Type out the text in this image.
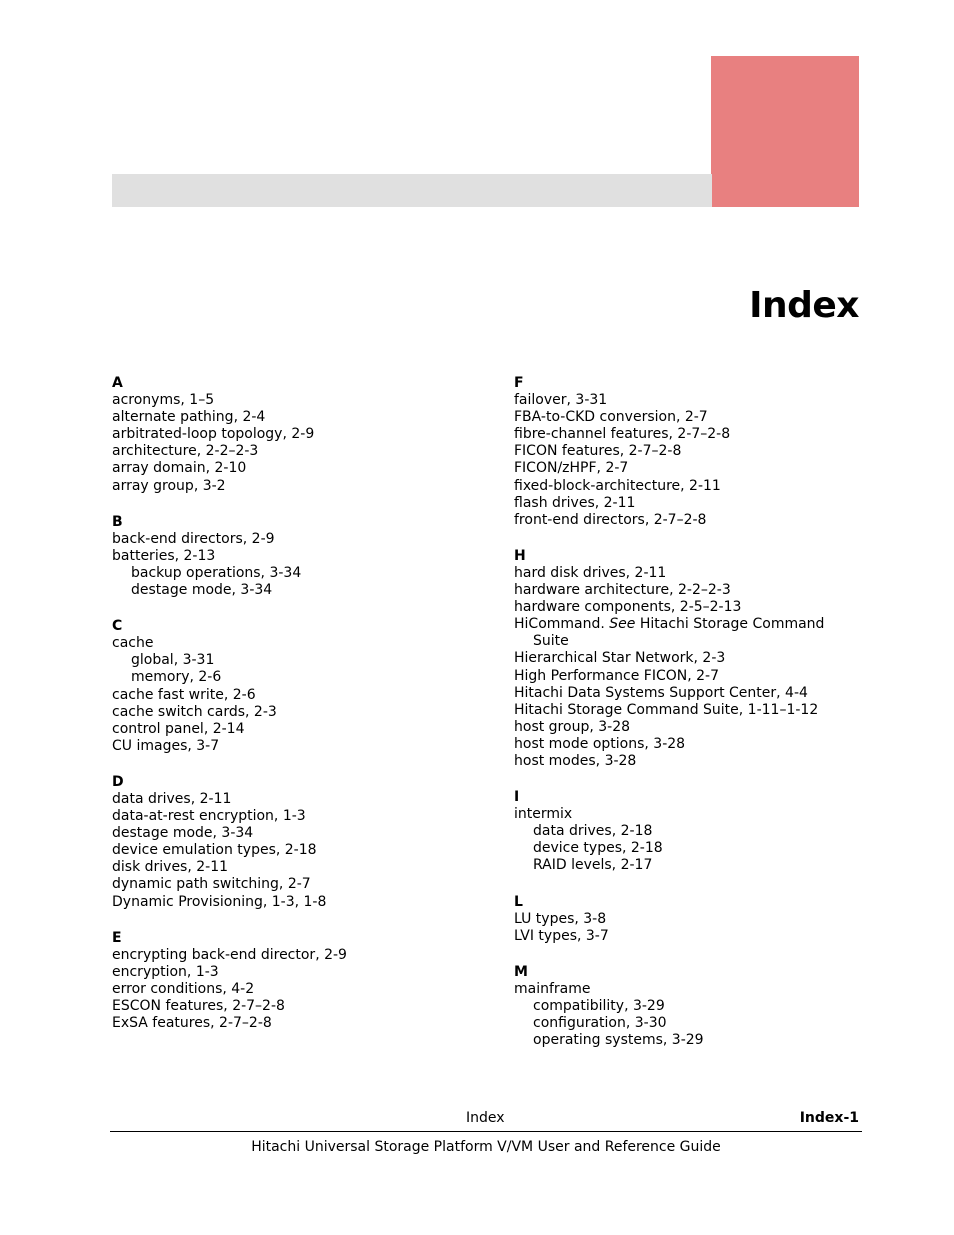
Index
A
acronyms, 1–5
alternate pathing, 2-4
arbitrated-loop topology, 2-9
architecture, 2-2–2-3
array domain, 2-10
array group, 3-2
B
back-end directors, 2-9
batteries, 2-13
backup operations, 3-34
destage mode, 3-34
C
cache
global, 3-31
memory, 2-6
cache fast write, 2-6
cache switch cards, 2-3
control panel, 2-14
CU images, 3-7
D
data drives, 2-11
data-at-rest encryption, 1-3
destage mode, 3-34
device emulation types, 2-18
disk drives, 2-11
dynamic path switching, 2-7
Dynamic Provisioning, 1-3, 1-8
E
encrypting back-end director, 2-9
encryption, 1-3
error conditions, 4-2
ESCON features, 2-7–2-8
ExSA features, 2-7–2-8
F
failover, 3-31
FBA-to-CKD conversion, 2-7
fibre-channel features, 2-7–2-8
FICON features, 2-7–2-8
FICON/zHPF, 2-7
fixed-block-architecture, 2-11
flash drives, 2-11
front-end directors, 2-7–2-8
H
hard disk drives, 2-11
hardware architecture, 2-2–2-3
hardware components, 2-5–2-13
HiCommand. See Hitachi Storage Command
Suite
Hierarchical Star Network, 2-3
High Performance FICON, 2-7
Hitachi Data Systems Support Center, 4-4
Hitachi Storage Command Suite, 1-11–1-12
host group, 3-28
host mode options, 3-28
host modes, 3-28
I
intermix
data drives, 2-18
device types, 2-18
RAID levels, 2-17
L
LU types, 3-8
LVI types, 3-7
M
mainframe
compatibility, 3-29
configuration, 3-30
operating systems, 3-29
Index	Index-1
Hitachi Universal Storage Platform V/VM User and Reference Guide
